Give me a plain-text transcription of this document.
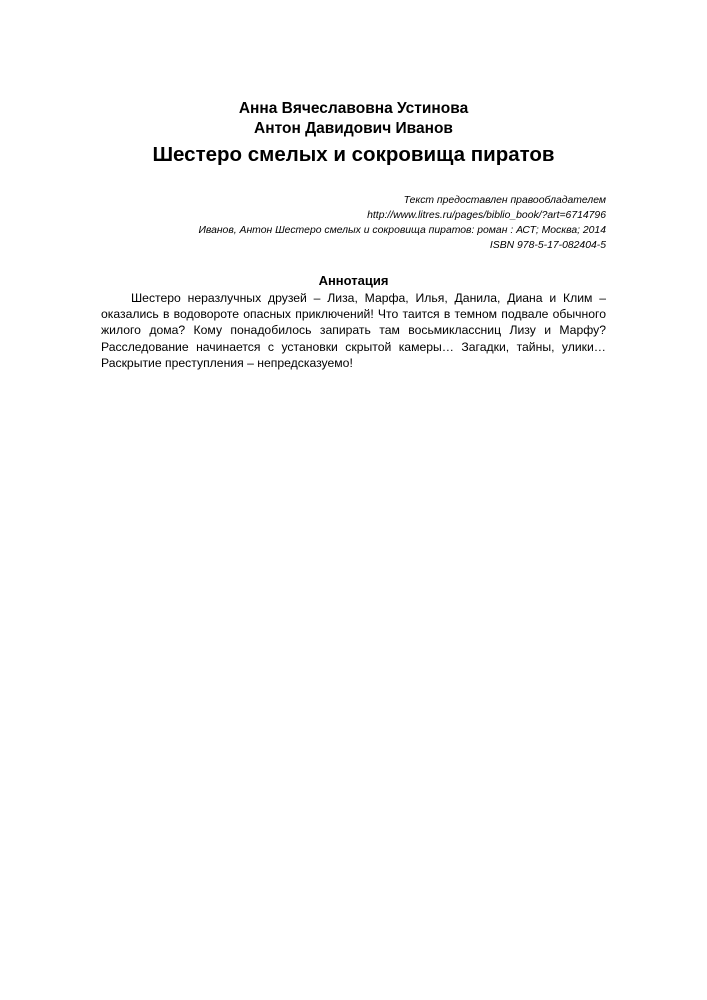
Анна Вячеславовна Устинова
Антон Давидович Иванов
Шестеро смелых и сокровища пиратов
Текст предоставлен правообладателем
http://www.litres.ru/pages/biblio_book/?art=6714796
Иванов, Антон Шестеро смелых и сокровища пиратов: роман : АСТ; Москва; 2014
ISBN 978-5-17-082404-5
Аннотация
Шестеро неразлучных друзей – Лиза, Марфа, Илья, Данила, Диана и Клим –
оказались в водовороте опасных приключений! Что таится в темном подвале обычного
жилого дома? Кому понадобилось запирать там восьмиклассниц Лизу и Марфу?
Расследование начинается с установки скрытой камеры… Загадки, тайны, улики…
Раскрытие преступления – непредсказуемо!
